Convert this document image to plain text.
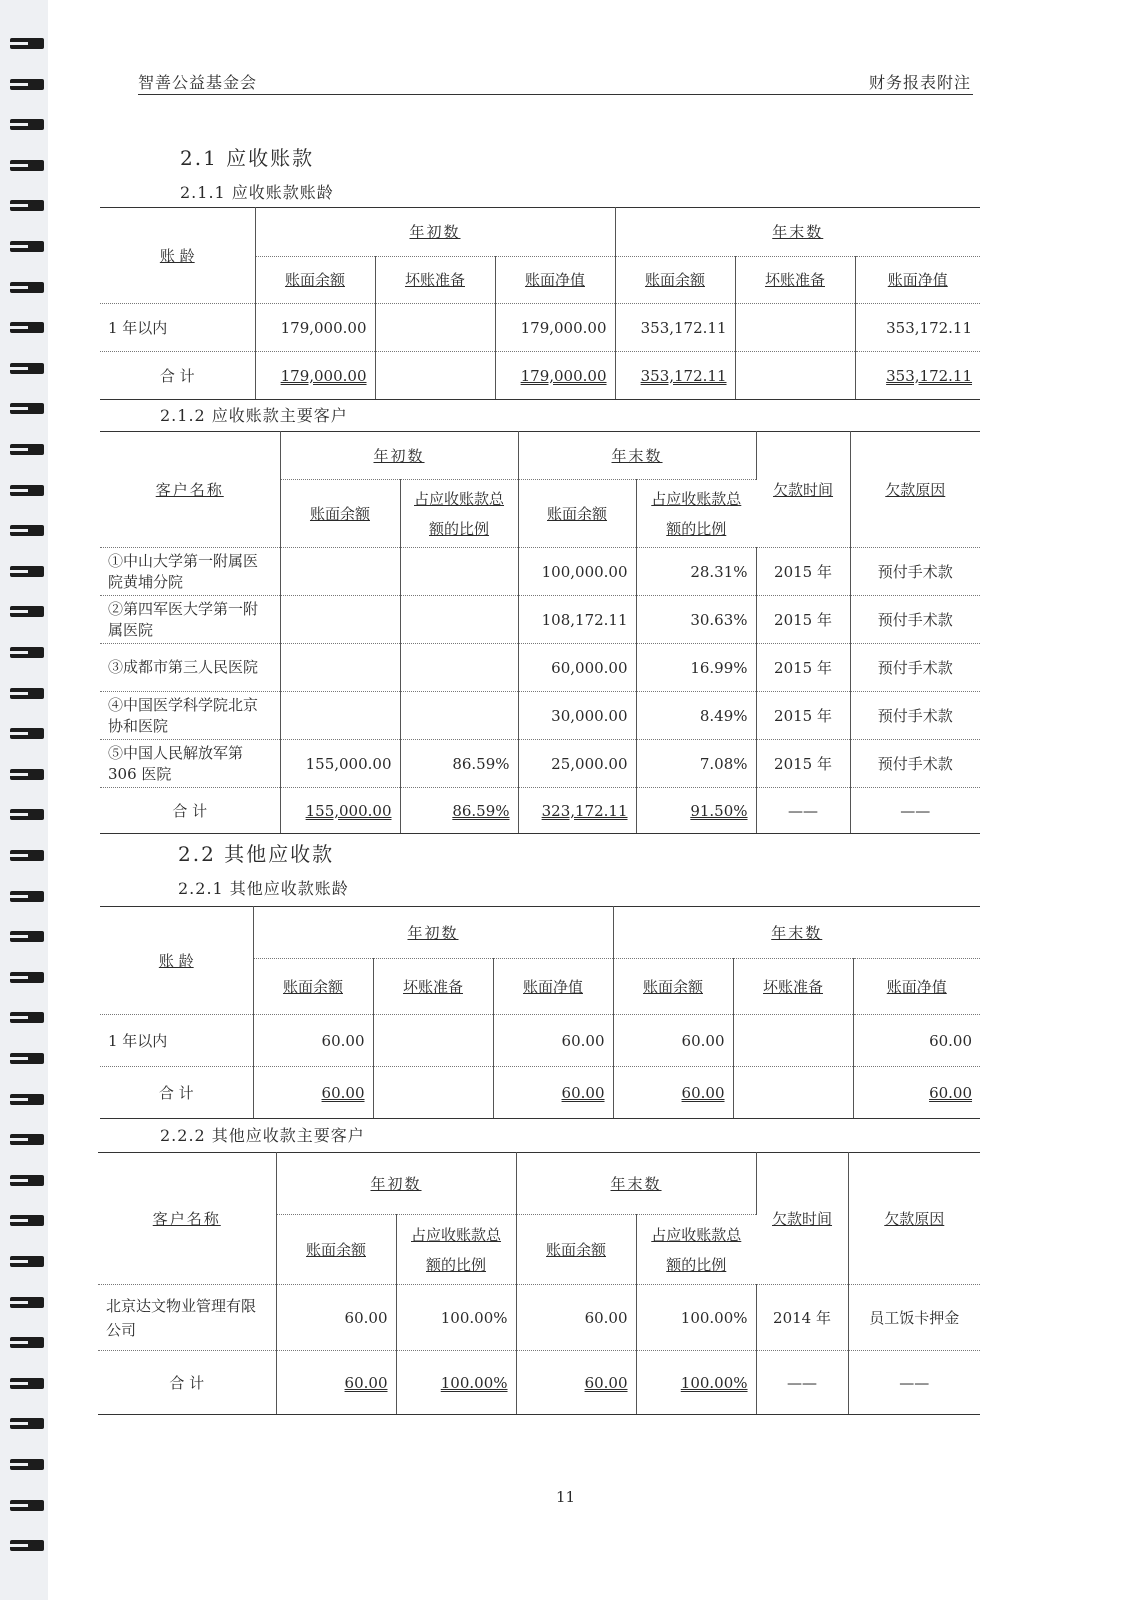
智善公益基金会	财务报表附注
2.1 应收账款
2.1.1 应收账款账龄
账 龄	年初数			年末数		
	账面余额	坏账准备	账面净值	账面余额	坏账准备	账面净值
1 年以内	179,000.00		179,000.00	353,172.11		353,172.11
合 计	179,000.00		179,000.00	353,172.11		353,172.11
2.1.2 应收账款主要客户
客户名称	年初数		年末数		欠款时间	欠款原因
	账面余额	占应收账款总额的比例	账面余额	占应收账款总额的比例		
①中山大学第一附属医院黄埔分院			100,000.00	28.31%	2015 年	预付手术款
②第四军医大学第一附属医院			108,172.11	30.63%	2015 年	预付手术款
③成都市第三人民医院			60,000.00	16.99%	2015 年	预付手术款
④中国医学科学院北京协和医院			30,000.00	8.49%	2015 年	预付手术款
⑤中国人民解放军第 306 医院	155,000.00	86.59%	25,000.00	7.08%	2015 年	预付手术款
合 计	155,000.00	86.59%	323,172.11	91.50%	——	——
2.2 其他应收款
2.2.1 其他应收款账龄
账 龄	年初数			年末数		
	账面余额	坏账准备	账面净值	账面余额	坏账准备	账面净值
1 年以内	60.00		60.00	60.00		60.00
合 计	60.00		60.00	60.00		60.00
2.2.2 其他应收款主要客户
客户名称	年初数		年末数		欠款时间	欠款原因
	账面余额	占应收账款总额的比例	账面余额	占应收账款总额的比例		
北京达文物业管理有限公司	60.00	100.00%	60.00	100.00%	2014 年	员工饭卡押金
合 计	60.00	100.00%	60.00	100.00%	——	——
11
